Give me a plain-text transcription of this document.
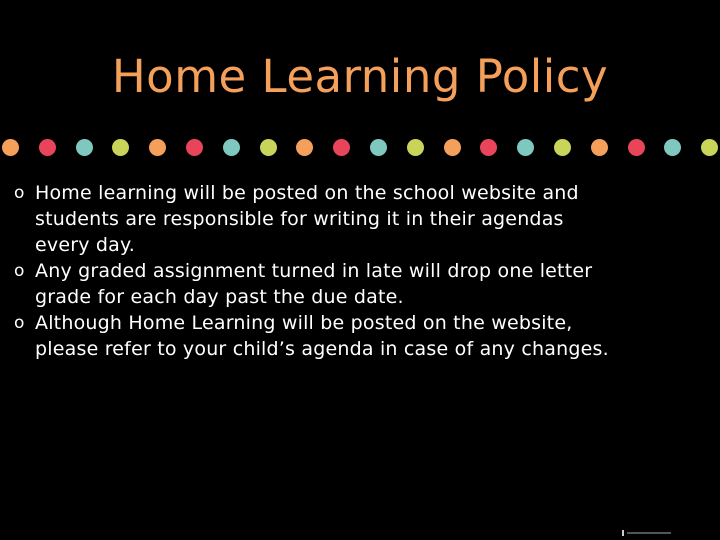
Home Learning Policy
o Home learning will be posted on the school website and
students are responsible for writing it in their agendas
every day.
o Any graded assignment turned in late will drop one letter
grade for each day past the due date.
o Although Home Learning will be posted on the website,
please refer to your child’s agenda in case of any changes.
